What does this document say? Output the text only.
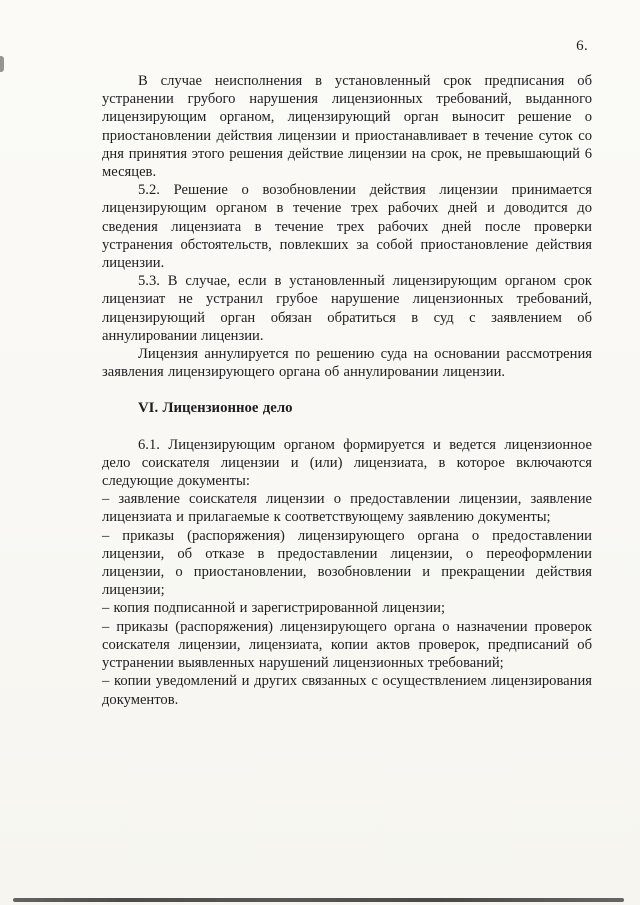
6.

В случае неисполнения в установленный срок предписания об устранении грубого нарушения лицензионных требований, выданного лицензирующим органом, лицензирующий орган выносит решение о приостановлении действия лицензии и приостанавливает в течение суток со дня принятия этого решения действие лицензии на срок, не превышающий 6 месяцев.

5.2. Решение о возобновлении действия лицензии принимается лицензирующим органом в течение трех рабочих дней и доводится до сведения лицензиата в течение трех рабочих дней после проверки устранения обстоятельств, повлекших за собой приостановление действия лицензии.

5.3. В случае, если в установленный лицензирующим органом срок лицензиат не устранил грубое нарушение лицензионных требований, лицензирующий орган обязан обратиться в суд с заявлением об аннулировании лицензии.

Лицензия аннулируется по решению суда на основании рассмотрения заявления лицензирующего органа об аннулировании лицензии.

VI. Лицензионное дело

6.1. Лицензирующим органом формируется и ведется лицензионное дело соискателя лицензии и (или) лицензиата, в которое включаются следующие документы:

– заявление соискателя лицензии о предоставлении лицензии, заявление лицензиата и прилагаемые к соответствующему заявлению документы;

– приказы (распоряжения) лицензирующего органа о предоставлении лицензии, об отказе в предоставлении лицензии, о переоформлении лицензии, о приостановлении, возобновлении и прекращении действия лицензии;

– копия подписанной и зарегистрированной лицензии;

– приказы (распоряжения) лицензирующего органа о назначении проверок соискателя лицензии, лицензиата, копии актов проверок, предписаний об устранении выявленных нарушений лицензионных требований;

– копии уведомлений и других связанных с осуществлением лицензирования документов.
